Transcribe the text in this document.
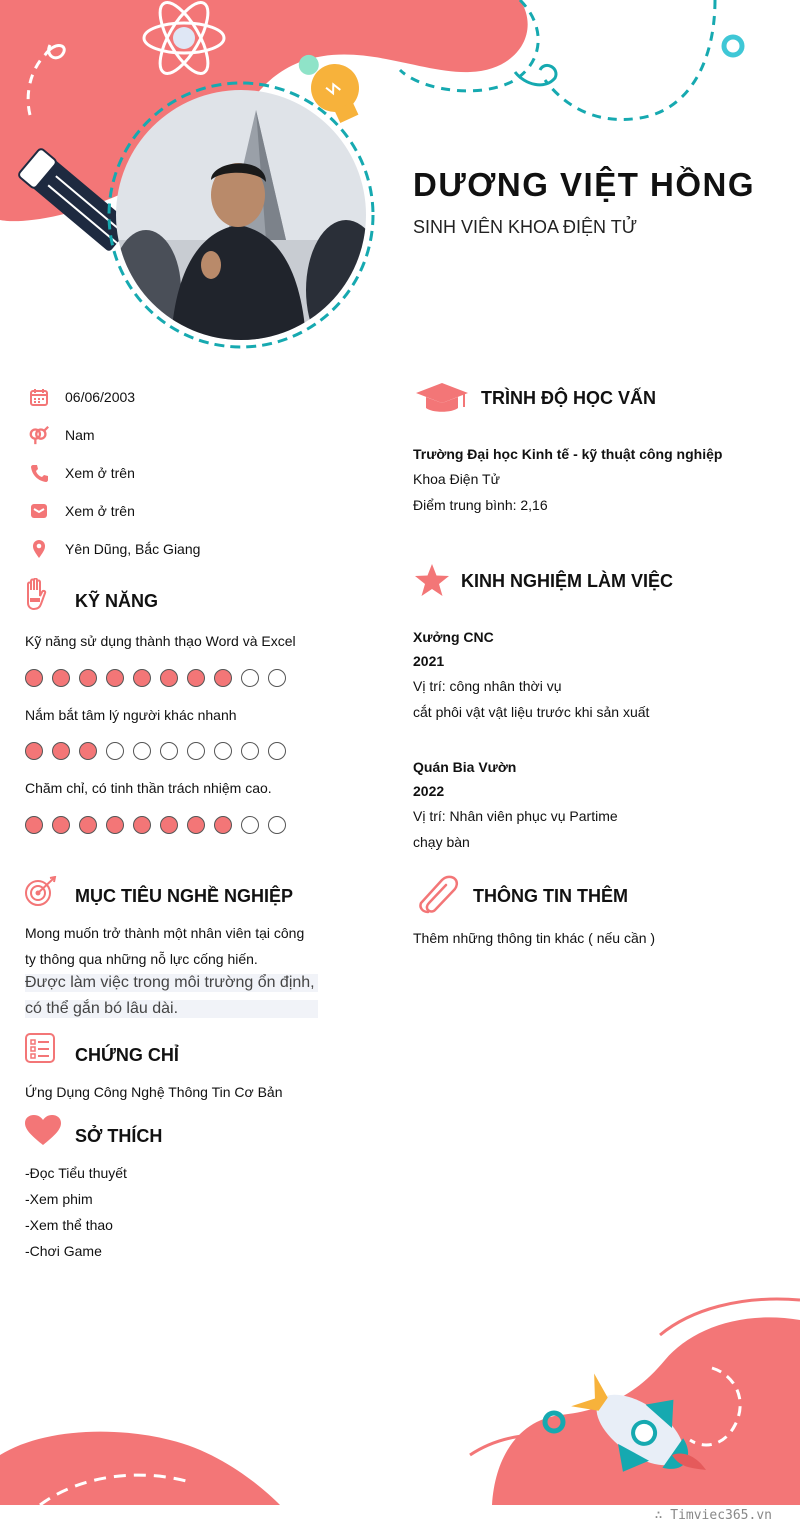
DƯƠNG VIỆT HỒNG
SINH VIÊN KHOA ĐIỆN TỬ
06/06/2003
Nam
Xem ở trên
Xem ở trên
Yên Dũng, Bắc Giang
KỸ NĂNG
Kỹ năng sử dụng thành thạo Word và Excel
Nắm bắt tâm lý người khác nhanh
Chăm chỉ, có tinh thần trách nhiệm cao.
MỤC TIÊU NGHỀ NGHIỆP
Mong muốn trở thành một nhân viên tại công
ty thông qua những nỗ lực cống hiến.
Được làm việc trong môi trường ổn định,
có thể gắn bó lâu dài.
CHỨNG CHỈ
Ứng Dụng Công Nghệ Thông Tin Cơ Bản
SỞ THÍCH
-Đọc Tiểu thuyết
-Xem phim
-Xem thể thao
-Chơi Game
TRÌNH ĐỘ HỌC VẤN
Trường Đại học Kinh tế - kỹ thuật công nghiệp
Khoa Điện Tử
Điểm trung bình: 2,16
KINH NGHIỆM LÀM VIỆC
Xưởng CNC
2021
Vị trí: công nhân thời vụ
cắt phôi vật vật liệu trước khi sản xuất
Quán Bia Vườn
2022
Vị trí: Nhân viên phục vụ Partime
chạy bàn
THÔNG TIN THÊM
Thêm những thông tin khác ( nếu cần )
∴ Timviec365.vn
